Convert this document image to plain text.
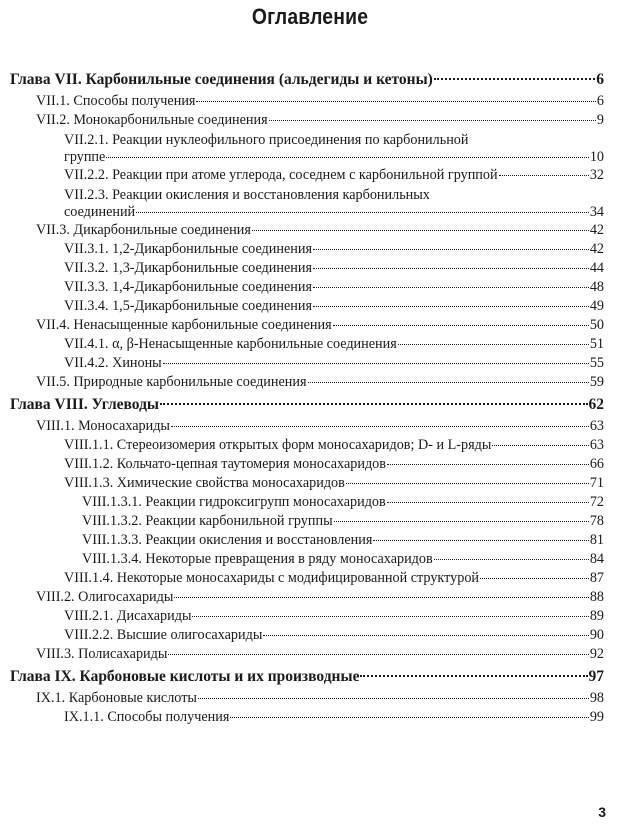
Оглавление
Глава VII. Карбонильные соединения (альдегиды и кетоны)	6
VII.1. Способы получения	6
VII.2. Монокарбонильные соединения	9
VII.2.1. Реакции нуклеофильного присоединения по карбонильной
группе	10
VII.2.2. Реакции при атоме углерода, соседнем с карбонильной группой	32
VII.2.3. Реакции окисления и восстановления карбонильных
соединений	34
VII.3. Дикарбонильные соединения	42
VII.3.1. 1,2-Дикарбонильные соединения	42
VII.3.2. 1,3-Дикарбонильные соединения	44
VII.3.3. 1,4-Дикарбонильные соединения	48
VII.3.4. 1,5-Дикарбонильные соединения	49
VII.4. Ненасыщенные карбонильные соединения	50
VII.4.1. α, β-Ненасыщенные карбонильные соединения	51
VII.4.2. Хиноны	55
VII.5. Природные карбонильные соединения	59
Глава VIII. Углеводы	62
VIII.1. Моносахариды	63
VIII.1.1. Стереоизомерия открытых форм моносахаридов; D- и L-ряды	63
VIII.1.2. Кольчато-цепная таутомерия моносахаридов	66
VIII.1.3. Химические свойства моносахаридов	71
VIII.1.3.1. Реакции гидроксигрупп моносахаридов	72
VIII.1.3.2. Реакции карбонильной группы	78
VIII.1.3.3. Реакции окисления и восстановления	81
VIII.1.3.4. Некоторые превращения в ряду моносахаридов	84
VIII.1.4. Некоторые моносахариды с модифицированной структурой	87
VIII.2. Олигосахариды	88
VIII.2.1. Дисахариды	89
VIII.2.2. Высшие олигосахариды	90
VIII.3. Полисахариды	92
Глава IX. Карбоновые кислоты и их производные	97
IX.1. Карбоновые кислоты	98
IX.1.1. Способы получения	99
3
